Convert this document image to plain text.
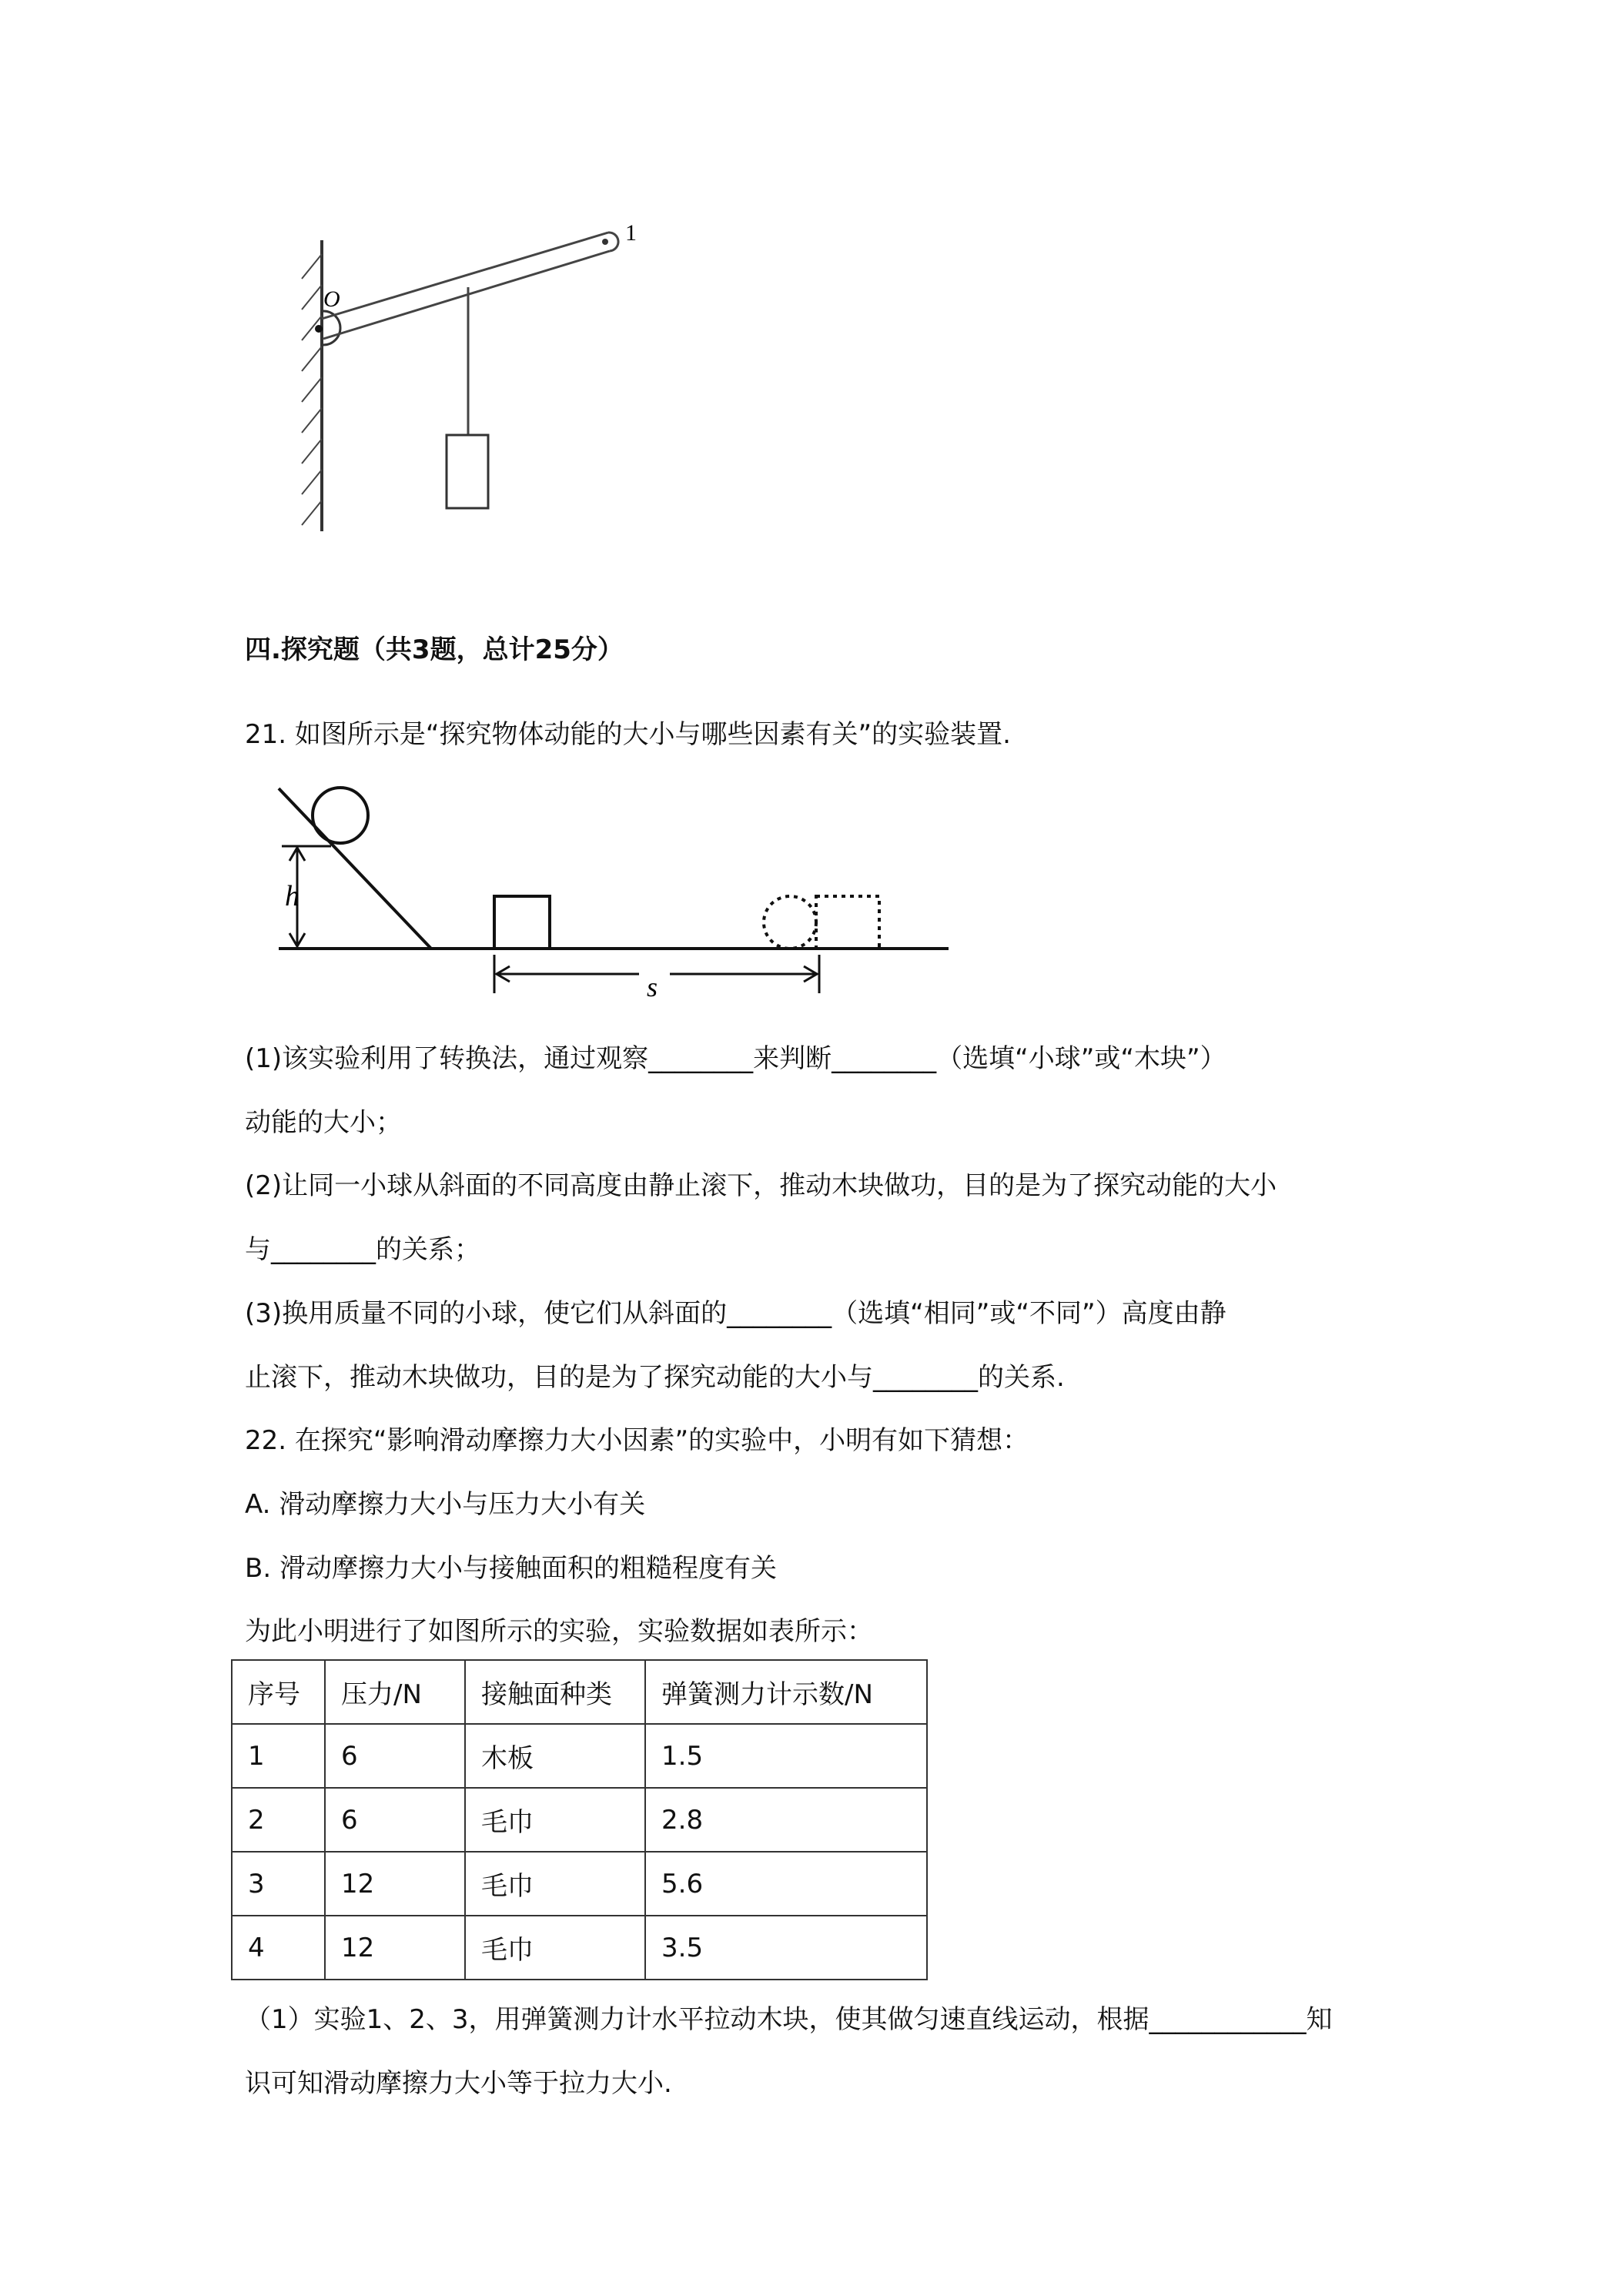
O
1
四.探究题（共3题，总计25分）
21. 如图所示是“探究物体动能的大小与哪些因素有关”的实验装置.
h
s
(1)该实验利用了转换法，通过观察________来判断________（选填“小球”或“木块”）
动能的大小；
(2)让同一小球从斜面的不同高度由静止滚下，推动木块做功，目的是为了探究动能的大小
与________的关系；
(3)换用质量不同的小球，使它们从斜面的________（选填“相同”或“不同”）高度由静
止滚下，推动木块做功，目的是为了探究动能的大小与________的关系.
22. 在探究“影响滑动摩擦力大小因素”的实验中，小明有如下猜想：
A. 滑动摩擦力大小与压力大小有关
B. 滑动摩擦力大小与接触面积的粗糙程度有关
为此小明进行了如图所示的实验，实验数据如表所示：
序号	压力/N	接触面种类	弹簧测力计示数/N
1	6	木板	1.5
2	6	毛巾	2.8
3	12	毛巾	5.6
4	12	毛巾	3.5
（1）实验1、2、3，用弹簧测力计水平拉动木块，使其做匀速直线运动，根据____________知
识可知滑动摩擦力大小等于拉力大小.
